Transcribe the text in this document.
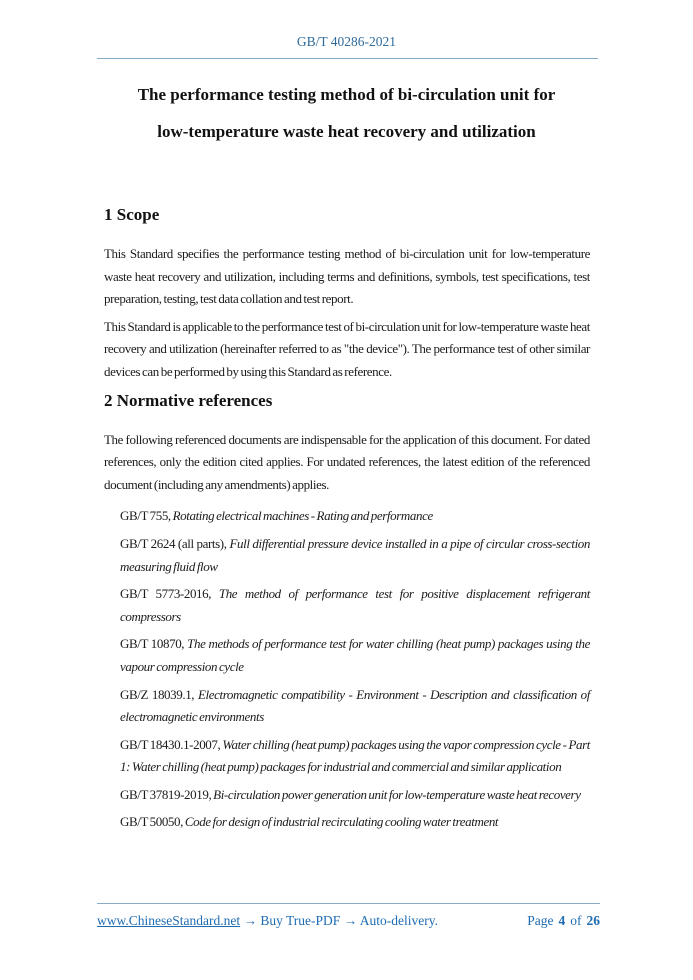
GB/T 40286-2021
The performance testing method of bi-circulation unit for
low-temperature waste heat recovery and utilization
1 Scope

This Standard specifies the performance testing method of bi-circulation unit for low-temperature waste heat recovery and utilization, including terms and definitions, symbols, test specifications, test preparation, testing, test data collation and test report.

This Standard is applicable to the performance test of bi-circulation unit for low-temperature waste heat recovery and utilization (hereinafter referred to as "the device"). The performance test of other similar devices can be performed by using this Standard as reference.

2 Normative references

The following referenced documents are indispensable for the application of this document. For dated references, only the edition cited applies. For undated references, the latest edition of the referenced document (including any amendments) applies.

GB/T 755, Rotating electrical machines - Rating and performance

GB/T 2624 (all parts), Full differential pressure device installed in a pipe of circular cross-section measuring fluid flow

GB/T 5773-2016, The method of performance test for positive displacement refrigerant compressors

GB/T 10870, The methods of performance test for water chilling (heat pump) packages using the vapour compression cycle

GB/Z 18039.1, Electromagnetic compatibility - Environment - Description and classification of electromagnetic environments

GB/T 18430.1-2007, Water chilling (heat pump) packages using the vapor compression cycle - Part 1: Water chilling (heat pump) packages for industrial and commercial and similar application

GB/T 37819-2019, Bi-circulation power generation unit for low-temperature waste heat recovery

GB/T 50050, Code for design of industrial recirculating cooling water treatment

www.ChineseStandard.net → Buy True-PDF → Auto-delivery.	Page 4 of 26
